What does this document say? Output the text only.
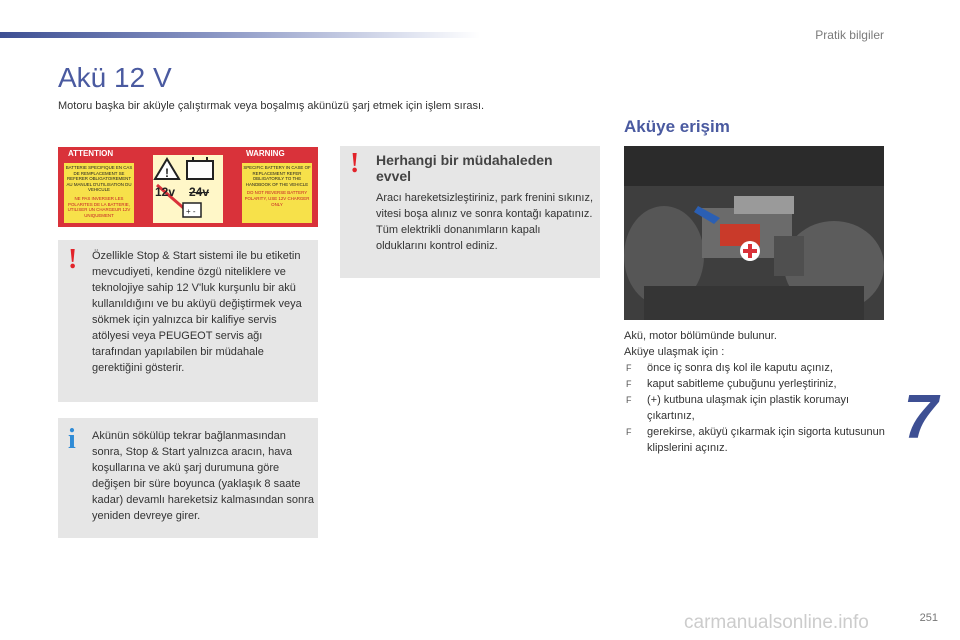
Pratik bilgiler
Akü 12 V
Motoru başka bir aküyle çalıştırmak veya boşalmış akünüzü şarj etmek için işlem sırası.
ATTENTION	WARNING
BATTERIE SPECIFIQUE EN CAS DE REMPLACEMENT SE REFERER OBLIGATOIREMENT AU MANUEL D'UTILISATION DU VEHICULE
NE PAS INVERSER LES POLARITES DE LA BATTERIE, UTILISER UN CHARGEUR 12V UNIQUEMENT
!
+ -
12v 24v
SPECIFIC BATTERY IN CASE OF REPLACEMENT REFER OBLIGATORILY TO THE HANDBOOK OF THE VEHICLE
DO NOT REVERSE BATTERY POLARITY, USE 12V CHARGER ONLY
! Özellikle Stop & Start sistemi ile bu etiketin mevcudiyeti, kendine özgü niteliklere ve teknolojiye sahip 12 V'luk kurşunlu bir akü kullanıldığını ve bu aküyü değiştirmek veya sökmek için yalnızca bir kalifiye servis atölyesi veya PEUGEOT servis ağı tarafından yapılabilen bir müdahale gerektiğini gösterir.
i Akünün sökülüp tekrar bağlanmasından sonra, Stop & Start yalnızca aracın, hava koşullarına ve akü şarj durumuna göre değişen bir süre boyunca (yaklaşık 8 saate kadar) devamlı hareketsiz kalmasından sonra yeniden devreye girer.
! Herhangi bir müdahaleden evvel
Aracı hareketsizleştiriniz, park frenini sıkınız, vitesi boşa alınız ve sonra kontağı kapatınız. Tüm elektrikli donanımların kapalı olduklarını kontrol ediniz.
Aküye erişim
Akü, motor bölümünde bulunur.
Aküye ulaşmak için :
F önce iç sonra dış kol ile kaputu açınız,
F kaput sabitleme çubuğunu yerleştiriniz,
F (+) kutbuna ulaşmak için plastik korumayı çıkartınız,
F gerekirse, aküyü çıkarmak için sigorta kutusunun klipslerini açınız.	7
carmanualsonline.info	251
